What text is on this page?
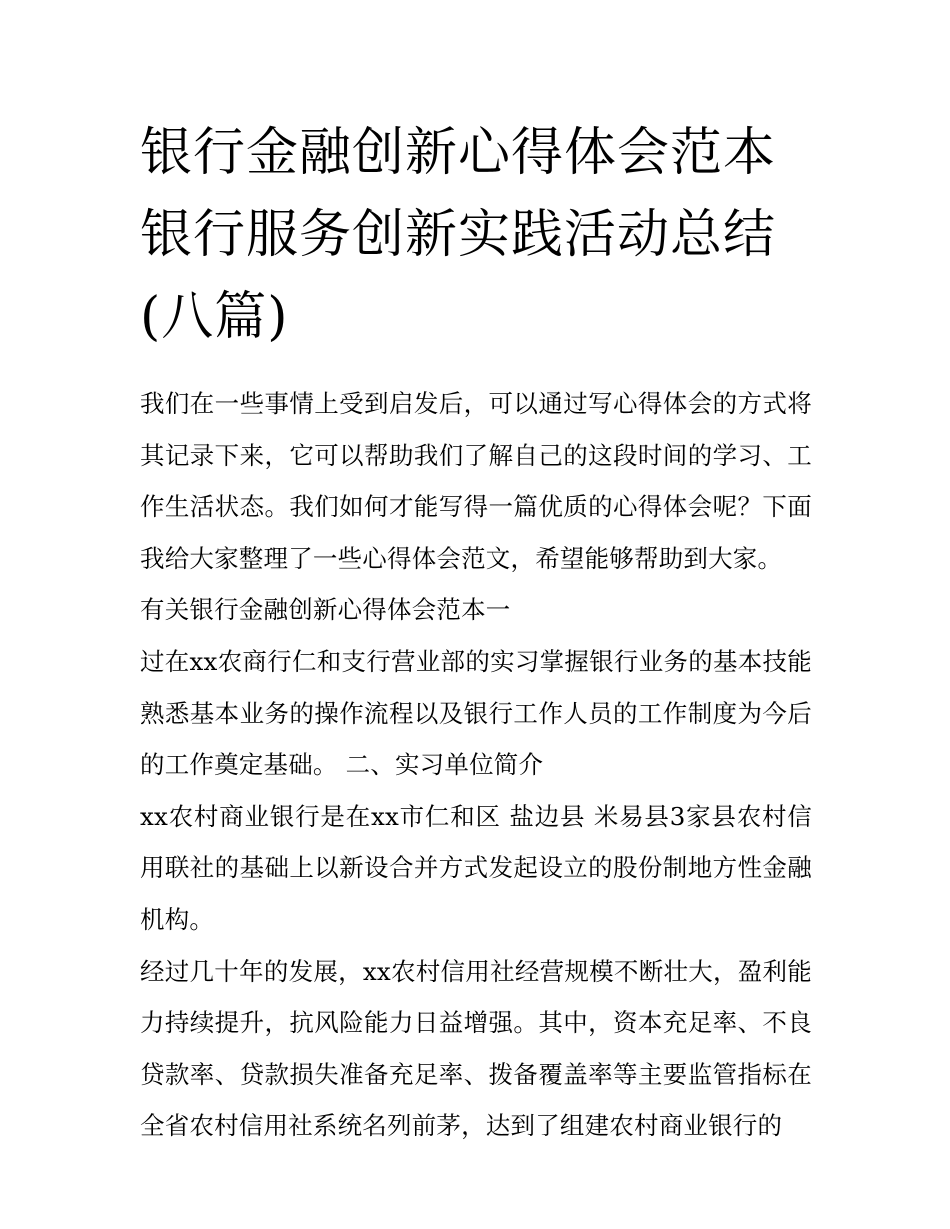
银行金融创新心得体会范本 银行服务创新实践活动总结(八篇)

我们在一些事情上受到启发后，可以通过写心得体会的方式将其记录下来，它可以帮助我们了解自己的这段时间的学习、工作生活状态。我们如何才能写得一篇优质的心得体会呢？下面我给大家整理了一些心得体会范文，希望能够帮助到大家。

有关银行金融创新心得体会范本一

过在xx农商行仁和支行营业部的实习掌握银行业务的基本技能熟悉基本业务的操作流程以及银行工作人员的工作制度为今后的工作奠定基础。 二、实习单位简介

xx农村商业银行是在xx市仁和区 盐边县 米易县3家县农村信用联社的基础上以新设合并方式发起设立的股份制地方性金融机构。

经过几十年的发展，xx农村信用社经营规模不断壮大，盈利能力持续提升，抗风险能力日益增强。其中，资本充足率、不良贷款率、贷款损失准备充足率、拨备覆盖率等主要监管指标在全省农村信用社系统名列前茅，达到了组建农村商业银行的
